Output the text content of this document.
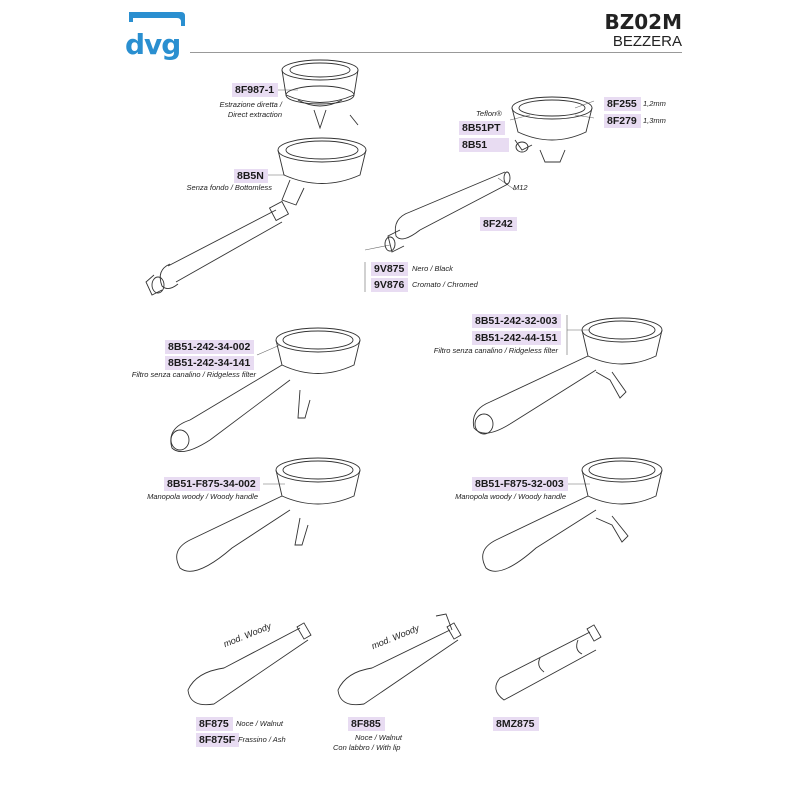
dvg
BZ02M
BEZZERA
8F987-1
Estrazione diretta /
Direct extraction
8B5N
Senza fondo / Bottomless
Teflon®
8B51PT
8B51
8F255 1,2mm
8F279 1,3mm
M12
8F242
9V875	Nero / Black
9V876	Cromato / Chromed
8B51-242-34-002
8B51-242-34-141
Filtro senza canalino / Ridgeless filter
8B51-242-32-003
8B51-242-44-151
Filtro senza canalino / Ridgeless filter
8B51-F875-34-002
Manopola woody / Woody handle
8B51-F875-32-003
Manopola woody / Woody handle
mod. Woody
8F875 Noce / Walnut
8F875F Frassino / Ash
mod. Woody
8F885
Noce / Walnut
Con labbro / With lip
8MZ875
